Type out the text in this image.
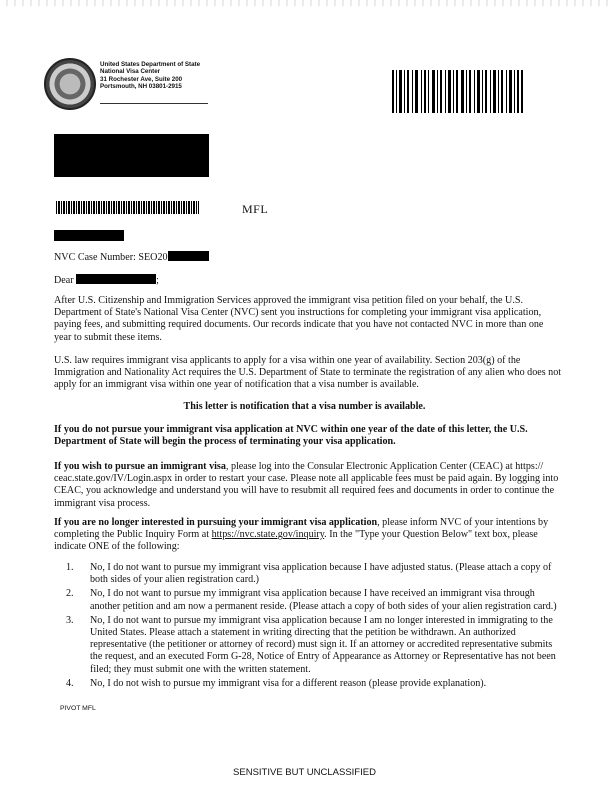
United States Department of State
National Visa Center
31 Rochester Ave, Suite 200
Portsmouth, NH 03801-2915
MFL
NVC Case Number: SEO20
Dear	;
After U.S. Citizenship and Immigration Services approved the immigrant visa petition filed on your behalf, the U.S. Department of State's National Visa Center (NVC) sent you instructions for completing your immigrant visa application, paying fees, and submitting required documents. Our records indicate that you have not contacted NVC in more than one year to submit these items.
U.S. law requires immigrant visa applicants to apply for a visa within one year of availability. Section 203(g) of the Immigration and Nationality Act requires the U.S. Department of State to terminate the registration of any alien who does not apply for an immigrant visa within one year of notification that a visa number is available.
This letter is notification that a visa number is available.
If you do not pursue your immigrant visa application at NVC within one year of the date of this letter, the U.S. Department of State will begin the process of terminating your visa application.
If you wish to pursue an immigrant visa, please log into the Consular Electronic Application Center (CEAC) at https:// ceac.state.gov/IV/Login.aspx in order to restart your case. Please note all applicable fees must be paid again. By logging into CEAC, you acknowledge and understand you will have to resubmit all required fees and documents in order to continue the immigrant visa process.
If you are no longer interested in pursuing your immigrant visa application, please inform NVC of your intentions by completing the Public Inquiry Form at https://nvc.state.gov/inquiry. In the "Type your Question Below" text box, please indicate ONE of the following:
1. No, I do not want to pursue my immigrant visa application because I have adjusted status. (Please attach a copy of both sides of your alien registration card.)
2. No, I do not want to pursue my immigrant visa application because I have received an immigrant visa through another petition and am now a permanent reside. (Please attach a copy of both sides of your alien registration card.)
3. No, I do not want to pursue my immigrant visa application because I am no longer interested in immigrating to the United States. Please attach a statement in writing directing that the petition be withdrawn. An authorized representative (the petitioner or attorney of record) must sign it. If an attorney or accredited representative submits the request, and an executed Form G-28, Notice of Entry of Appearance as Attorney or Representative has not been filed; they must submit one with the written statement.
4. No, I do not wish to pursue my immigrant visa for a different reason (please provide explanation).
PIVOT MFL
SENSITIVE BUT UNCLASSIFIED
